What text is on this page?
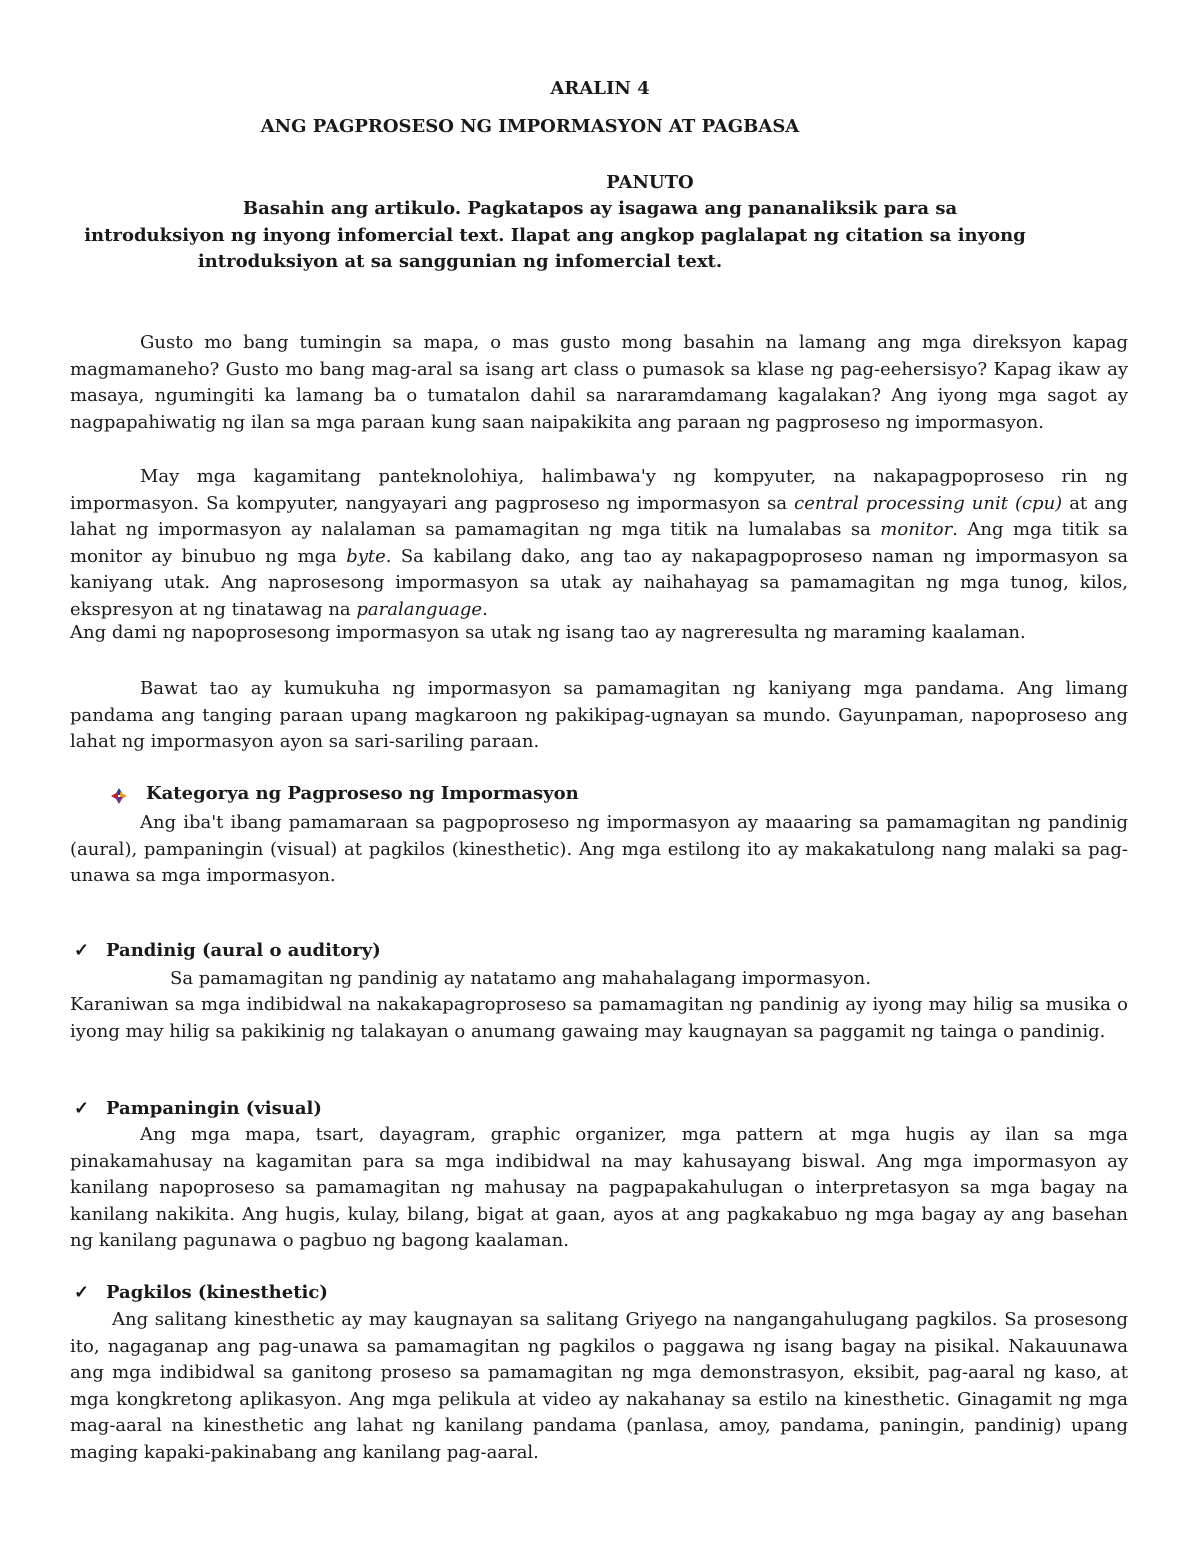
ARALIN 4
ANG PAGPROSESO NG IMPORMASYON AT PAGBASA
PANUTO
Basahin ang artikulo. Pagkatapos ay isagawa ang pananaliksik para sa
introduksiyon ng inyong infomercial text. Ilapat ang angkop paglalapat ng citation sa inyong
introduksiyon at sa sanggunian ng infomercial text.
Gusto mo bang tumingin sa mapa, o mas gusto mong basahin na lamang ang mga direksyon kapag magmamaneho? Gusto mo bang mag-aral sa isang art class o pumasok sa klase ng pag-eehersisyo? Kapag ikaw ay masaya, ngumingiti ka lamang ba o tumatalon dahil sa nararamdamang kagalakan? Ang iyong mga sagot ay nagpapahiwatig ng ilan sa mga paraan kung saan naipakikita ang paraan ng pagproseso ng impormasyon.
May mga kagamitang panteknolohiya, halimbawa'y ng kompyuter, na nakapagpoproseso rin ng impormasyon. Sa kompyuter, nangyayari ang pagproseso ng impormasyon sa central processing unit (cpu) at ang lahat ng impormasyon ay nalalaman sa pamamagitan ng mga titik na lumalabas sa monitor. Ang mga titik sa monitor ay binubuo ng mga byte. Sa kabilang dako, ang tao ay nakapagpoproseso naman ng impormasyon sa kaniyang utak. Ang naprosesong impormasyon sa utak ay naihahayag sa pamamagitan ng mga tunog, kilos, ekspresyon at ng tinatawag na paralanguage.
Ang dami ng napoprosesong impormasyon sa utak ng isang tao ay nagreresulta ng maraming kaalaman.
Bawat tao ay kumukuha ng impormasyon sa pamamagitan ng kaniyang mga pandama. Ang limang pandama ang tanging paraan upang magkaroon ng pakikipag-ugnayan sa mundo. Gayunpaman, napoproseso ang lahat ng impormasyon ayon sa sari-sariling paraan.
Kategorya ng Pagproseso ng Impormasyon
Ang iba't ibang pamamaraan sa pagpoproseso ng impormasyon ay maaaring sa pamamagitan ng pandinig (aural), pampaningin (visual) at pagkilos (kinesthetic). Ang mga estilong ito ay makakatulong nang malaki sa pag-unawa sa mga impormasyon.
✓ Pandinig (aural o auditory)
Sa pamamagitan ng pandinig ay natatamo ang mahahalagang impormasyon.
Karaniwan sa mga indibidwal na nakakapagroproseso sa pamamagitan ng pandinig ay iyong may hilig sa musika o iyong may hilig sa pakikinig ng talakayan o anumang gawaing may kaugnayan sa paggamit ng tainga o pandinig.
✓ Pampaningin (visual)
Ang mga mapa, tsart, dayagram, graphic organizer, mga pattern at mga hugis ay ilan sa mga pinakamahusay na kagamitan para sa mga indibidwal na may kahusayang biswal. Ang mga impormasyon ay kanilang napoproseso sa pamamagitan ng mahusay na pagpapakahulugan o interpretasyon sa mga bagay na kanilang nakikita. Ang hugis, kulay, bilang, bigat at gaan, ayos at ang pagkakabuo ng mga bagay ay ang basehan ng kanilang pagunawa o pagbuo ng bagong kaalaman.
✓ Pagkilos (kinesthetic)
Ang salitang kinesthetic ay may kaugnayan sa salitang Griyego na nangangahulugang pagkilos. Sa prosesong ito, nagaganap ang pag-unawa sa pamamagitan ng pagkilos o paggawa ng isang bagay na pisikal. Nakauunawa ang mga indibidwal sa ganitong proseso sa pamamagitan ng mga demonstrasyon, eksibit, pag-aaral ng kaso, at mga kongkretong aplikasyon. Ang mga pelikula at video ay nakahanay sa estilo na kinesthetic. Ginagamit ng mga mag-aaral na kinesthetic ang lahat ng kanilang pandama (panlasa, amoy, pandama, paningin, pandinig) upang maging kapaki-pakinabang ang kanilang pag-aaral.
